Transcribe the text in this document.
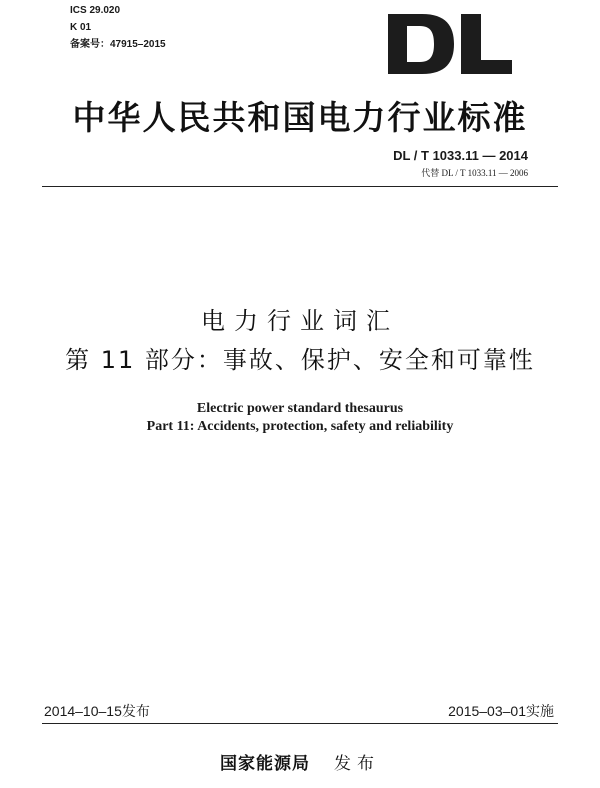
ICS 29.020
K 01
备案号：47915–2015
中华人民共和国电力行业标准
DL / T 1033.11 — 2014
代替 DL / T 1033.11 — 2006
电力行业词汇
第 11 部分：事故、保护、安全和可靠性
Electric power standard thesaurus
Part 11: Accidents, protection, safety and reliability
2014–10–15发布	2015–03–01实施
国家能源局 发布
